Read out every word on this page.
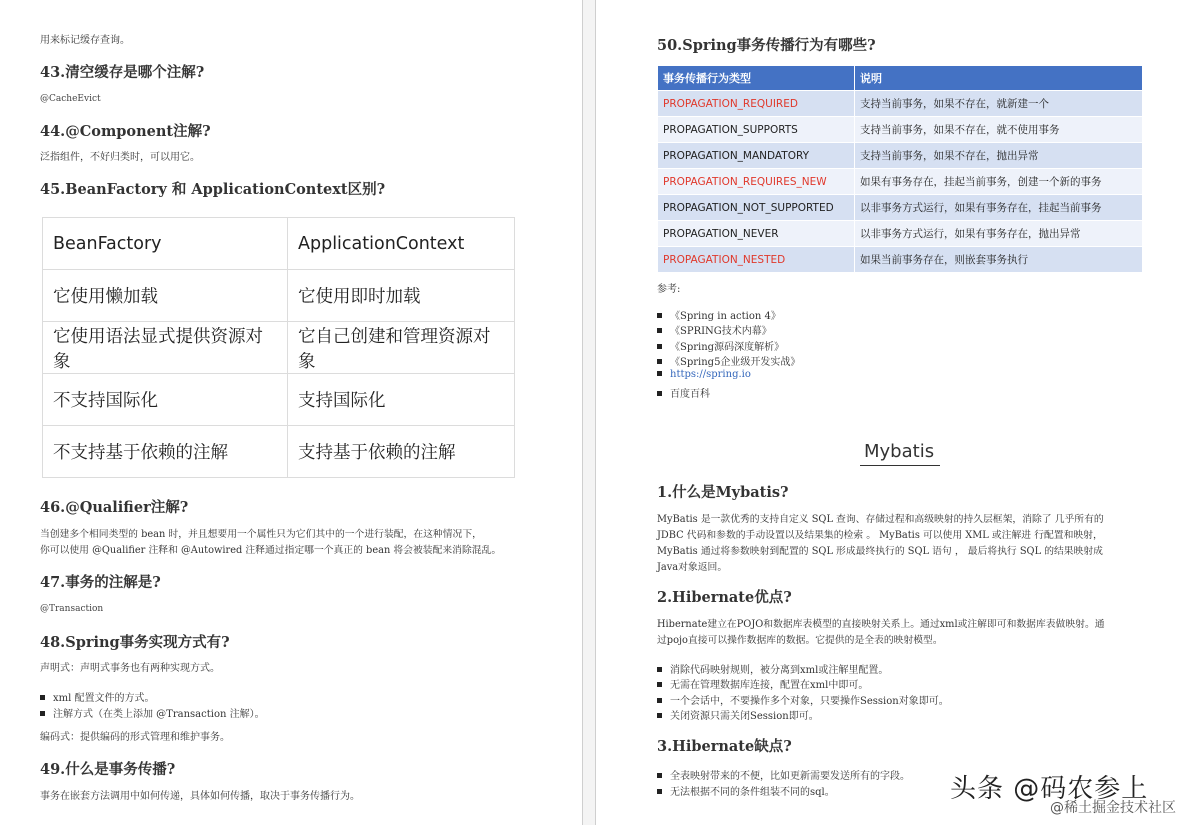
用来标记缓存查询。
43.清空缓存是哪个注解?
@CacheEvict
44.@Component注解?
泛指组件，不好归类时，可以用它。
45.BeanFactory 和 ApplicationContext区别?
BeanFactory	ApplicationContext
它使用懒加载	它使用即时加载
它使用语法显式提供资源对象	它自己创建和管理资源对象
不支持国际化	支持国际化
不支持基于依赖的注解	支持基于依赖的注解
46.@Qualifier注解?
当创建多个相同类型的 bean 时，并且想要用一个属性只为它们其中的一个进行装配，在这种情况下，
你可以使用 @Qualifier 注释和 @Autowired 注释通过指定哪一个真正的 bean 将会被装配来消除混乱。
47.事务的注解是?
@Transaction
48.Spring事务实现方式有?
声明式：声明式事务也有两种实现方式。
xml 配置文件的方式。
注解方式（在类上添加 @Transaction 注解）。
编码式：提供编码的形式管理和维护事务。
49.什么是事务传播?
事务在嵌套方法调用中如何传递，具体如何传播，取决于事务传播行为。
50.Spring事务传播行为有哪些?
事务传播行为类型	说明
PROPAGATION_REQUIRED	支持当前事务，如果不存在，就新建一个
PROPAGATION_SUPPORTS	支持当前事务，如果不存在，就不使用事务
PROPAGATION_MANDATORY	支持当前事务，如果不存在，抛出异常
PROPAGATION_REQUIRES_NEW	如果有事务存在，挂起当前事务，创建一个新的事务
PROPAGATION_NOT_SUPPORTED	以非事务方式运行，如果有事务存在，挂起当前事务
PROPAGATION_NEVER	以非事务方式运行，如果有事务存在，抛出异常
PROPAGATION_NESTED	如果当前事务存在，则嵌套事务执行
参考:
《Spring in action 4》
《SPRING技术内幕》
《Spring源码深度解析》
《Spring5企业级开发实战》
https://spring.io
百度百科
Mybatis
1.什么是Mybatis?
MyBatis 是一款优秀的支持自定义 SQL 查询、存储过程和高级映射的持久层框架，消除了 几乎所有的
JDBC 代码和参数的手动设置以及结果集的检索 。 MyBatis 可以使用 XML 或注解进 行配置和映射，
MyBatis 通过将参数映射到配置的 SQL 形成最终执行的 SQL 语句 ， 最后将执行 SQL 的结果映射成
Java对象返回。
2.Hibernate优点?
Hibernate建立在POJO和数据库表模型的直接映射关系上。通过xml或注解即可和数据库表做映射。通
过pojo直接可以操作数据库的数据。它提供的是全表的映射模型。
消除代码映射规则，被分离到xml或注解里配置。
无需在管理数据库连接，配置在xml中即可。
一个会话中，不要操作多个对象，只要操作Session对象即可。
关闭资源只需关闭Session即可。
3.Hibernate缺点?
全表映射带来的不便，比如更新需要发送所有的字段。
无法根据不同的条件组装不同的sql。	头条 @码农参上
@稀土掘金技术社区
